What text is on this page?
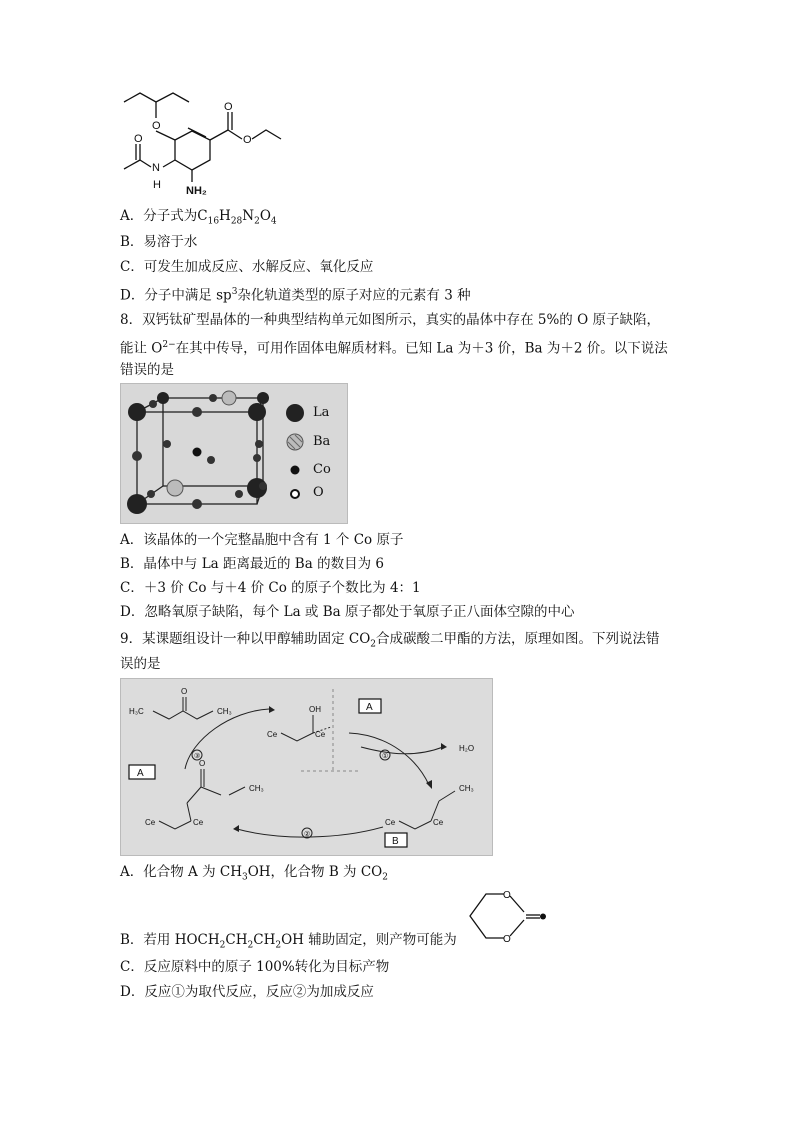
O
O
O
O
N
H NH₂
A．分子式为$C_{16}H_{28}N_2O_4$
B．易溶于水
C．可发生加成反应、水解反应、氧化反应
D．分子中满足 $sp^3$杂化轨道类型的原子对应的元素有 3 种
8．双钙钛矿型晶体的一种典型结构单元如图所示，真实的晶体中存在 5%的 O 原子缺陷，
能让 $O^{2-}$在其中传导，可用作固体电解质材料。已知 La 为＋3 价，Ba 为＋2 价。以下说法
错误的是
La
Ba
Co
O
A．该晶体的一个完整晶胞中含有 1 个 Co 原子
B．晶体中与 La 距离最近的 Ba 的数目为 6
C．＋3 价 Co 与＋4 价 Co 的原子个数比为 4：1
D．忽略氧原子缺陷，每个 La 或 Ba 原子都处于氧原子正八面体空隙的中心
9．某课题组设计一种以甲醇辅助固定 $CO_2$合成碳酸二甲酯的方法，原理如图。下列说法错
误的是
A
A
B
H₂O
H₃C	CH₃
CH₃	CH₃
O
O
OH
Ce	Ce
Ce	Ce
Ce	Ce
③	①
②
A．化合物 A 为 $CH_3OH$，化合物 B 为 $CO_2$
O
O
B．若用 $HOCH_2CH_2CH_2OH$ 辅助固定，则产物可能为
C．反应原料中的原子 100%转化为目标产物
D．反应①为取代反应，反应②为加成反应
